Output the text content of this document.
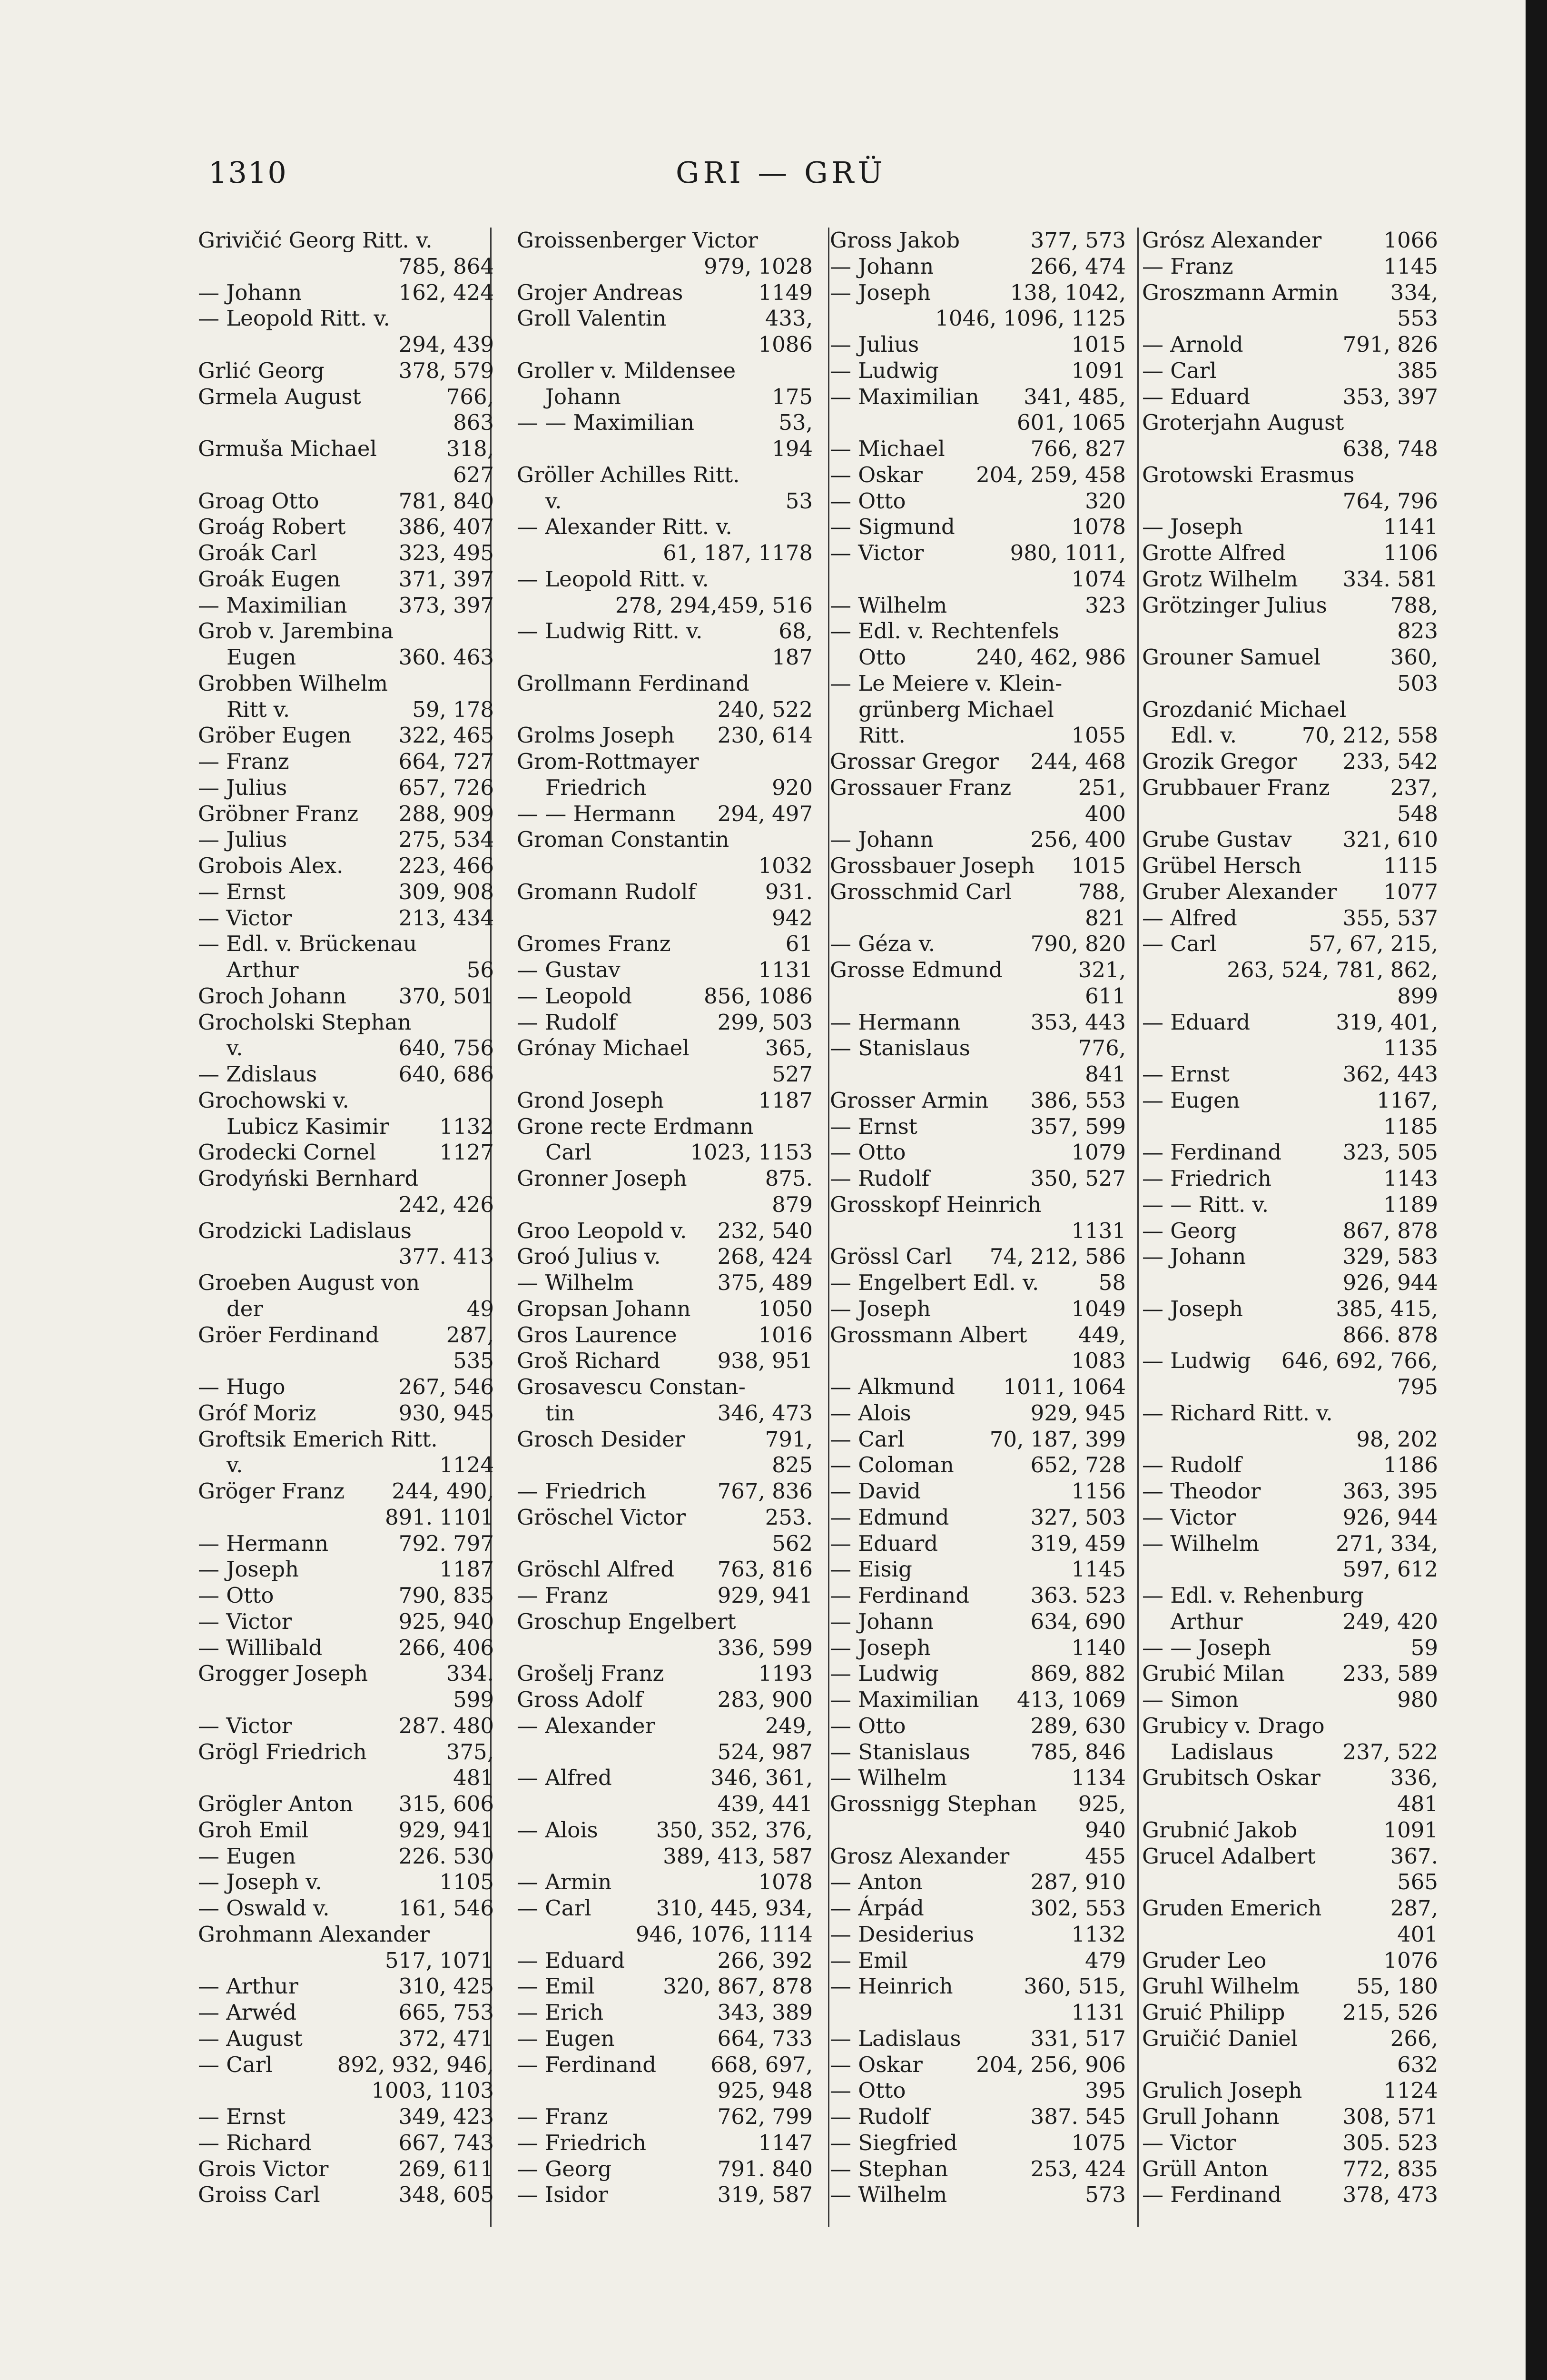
1310	GRI — GRÜ
Grivičić Georg Ritt. v.
785, 864
— Johann	162, 424
— Leopold Ritt. v.
294, 439
Grlić Georg	378, 579
Grmela August	766,
863
Grmuša Michael	318,
627
Groag Otto	781, 840
Groág Robert 386, 407
Groák Carl	323, 495
Groák Eugen	371, 397
— Maximilian 373, 397
Grob v. Jarembina
Eugen	360. 463
Grobben Wilhelm
Ritt v.	59, 178
Gröber Eugen 322, 465
— Franz	664, 727
— Julius	657, 726
Gröbner Franz 288, 909
— Julius	275, 534
Grobois Alex.	223, 466
— Ernst	309, 908
— Victor	213, 434
— Edl. v. Brückenau
Arthur	56
Groch Johann 370, 501
Grocholski Stephan
v.	640, 756
— Zdislaus	640, 686
Grochowski v.
Lubicz Kasimir 1132
Grodecki Cornel	1127
Grodyński Bernhard
242, 426
Grodzicki Ladislaus
377. 413
Groeben August von
der	49
Gröer Ferdinand	287,
535
— Hugo	267, 546
Gróf Moriz	930, 945
Groftsik Emerich Ritt.
v.	1124
Gröger Franz 244, 490,
891. 1101
— Hermann	792. 797
— Joseph	1187
— Otto	790, 835
— Victor	925, 940
— Willibald	266, 406
Grogger Joseph	334.
599
— Victor	287. 480
Grögl Friedrich	375,
481
Grögler Anton 315, 606
Groh Emil	929, 941
— Eugen	226. 530
— Joseph v.	1105
— Oswald v.	161, 546
Grohmann Alexander
517, 1071
— Arthur	310, 425
— Arwéd	665, 753
— August	372, 471
— Carl	892, 932, 946,
1003, 1103
— Ernst	349, 423
— Richard	667, 743
Grois Victor	269, 611
Groiss Carl	348, 605
Groissenberger Victor
979, 1028
Grojer Andreas	1149
Groll Valentin	433,
1086
Groller v. Mildensee
Johann	175
— — Maximilian	53,
194
Gröller Achilles Ritt.
v.	53
— Alexander Ritt. v.
61, 187, 1178
— Leopold Ritt. v.
278, 294,459, 516
— Ludwig Ritt. v.	68,
187
Grollmann Ferdinand
240, 522
Grolms Joseph 230, 614
Grom-Rottmayer
Friedrich	920
— — Hermann 294, 497
Groman Constantin
1032
Gromann Rudolf	931.
942
Gromes Franz	61
— Gustav	1131
— Leopold	856, 1086
— Rudolf	299, 503
Grónay Michael	365,
527
Grond Joseph	1187
Grone recte Erdmann
Carl	1023, 1153
Gronner Joseph	875.
879
Groo Leopold v. 232, 540
Groó Julius v.	268, 424
— Wilhelm	375, 489
Gropsan Johann	1050
Gros Laurence	1016
Groš Richard	938, 951
Grosavescu Constan-
tin	346, 473
Grosch Desider	791,
825
— Friedrich	767, 836
Gröschel Victor	253.
562
Gröschl Alfred 763, 816
— Franz	929, 941
Groschup Engelbert
336, 599
Grošelj Franz	1193
Gross Adolf	283, 900
— Alexander	249,
524, 987
— Alfred	346, 361,
439, 441
— Alois	350, 352, 376,
389, 413, 587
— Armin	1078
— Carl	310, 445, 934,
946, 1076, 1114
— Eduard	266, 392
— Emil	320, 867, 878
— Erich	343, 389
— Eugen	664, 733
— Ferdinand	668, 697,
925, 948
— Franz	762, 799
— Friedrich	1147
— Georg	791. 840
— Isidor	319, 587
Gross Jakob	377, 573
— Johann	266, 474
— Joseph	138, 1042,
1046, 1096, 1125
— Julius	1015
— Ludwig	1091
— Maximilian 341, 485,
601, 1065
— Michael	766, 827
— Oskar 204, 259, 458
— Otto	320
— Sigmund	1078
— Victor	980, 1011,
1074
— Wilhelm	323
— Edl. v. Rechtenfels
Otto	240, 462, 986
— Le Meiere v. Klein-
grünberg Michael
Ritt.	1055
Grossar Gregor 244, 468
Grossauer Franz	251,
400
— Johann	256, 400
Grossbauer Joseph 1015
Grosschmid Carl	788,
821
— Géza v.	790, 820
Grosse Edmund	321,
611
— Hermann	353, 443
— Stanislaus	776,
841
Grosser Armin 386, 553
— Ernst	357, 599
— Otto	1079
— Rudolf	350, 527
Grosskopf Heinrich
1131
Grössl Carl 74, 212, 586
— Engelbert Edl. v.	58
— Joseph	1049
Grossmann Albert 449,
1083
— Alkmund 1011, 1064
— Alois	929, 945
— Carl	70, 187, 399
— Coloman	652, 728
— David	1156
— Edmund	327, 503
— Eduard	319, 459
— Eisig	1145
— Ferdinand	363. 523
— Johann	634, 690
— Joseph	1140
— Ludwig	869, 882
— Maximilian 413, 1069
— Otto	289, 630
— Stanislaus	785, 846
— Wilhelm	1134
Grossnigg Stephan 925,
940
Grosz Alexander	455
— Anton	287, 910
— Árpád	302, 553
— Desiderius	1132
— Emil	479
— Heinrich	360, 515,
1131
— Ladislaus	331, 517
— Oskar 204, 256, 906
— Otto	395
— Rudolf	387. 545
— Siegfried	1075
— Stephan	253, 424
— Wilhelm	573
Grósz Alexander	1066
— Franz	1145
Groszmann Armin 334,
553
— Arnold	791, 826
— Carl	385
— Eduard	353, 397
Groterjahn August
638, 748
Grotowski Erasmus
764, 796
— Joseph	1141
Grotte Alfred	1106
Grotz Wilhelm 334. 581
Grötzinger Julius	788,
823
Grouner Samuel	360,
503
Grozdanić Michael
Edl. v.	70, 212, 558
Grozik Gregor 233, 542
Grubbauer Franz	237,
548
Grube Gustav 321, 610
Grübel Hersch	1115
Gruber Alexander 1077
— Alfred	355, 537
— Carl	57, 67, 215,
263, 524, 781, 862,
899
— Eduard	319, 401,
1135
— Ernst	362, 443
— Eugen	1167,
1185
— Ferdinand	323, 505
— Friedrich	1143
— — Ritt. v.	1189
— Georg	867, 878
— Johann	329, 583
926, 944
— Joseph	385, 415,
866. 878
— Ludwig 646, 692, 766,
795
— Richard Ritt. v.
98, 202
— Rudolf	1186
— Theodor	363, 395
— Victor	926, 944
— Wilhelm	271, 334,
597, 612
— Edl. v. Rehenburg
Arthur	249, 420
— — Joseph	59
Grubić Milan	233, 589
— Simon	980
Grubicy v. Drago
Ladislaus	237, 522
Grubitsch Oskar	336,
481
Grubnić Jakob	1091
Grucel Adalbert	367.
565
Gruden Emerich	287,
401
Gruder Leo	1076
Gruhl Wilhelm	55, 180
Gruić Philipp	215, 526
Gruičić Daniel	266,
632
Grulich Joseph	1124
Grull Johann	308, 571
— Victor	305. 523
Grüll Anton	772, 835
— Ferdinand	378, 473
